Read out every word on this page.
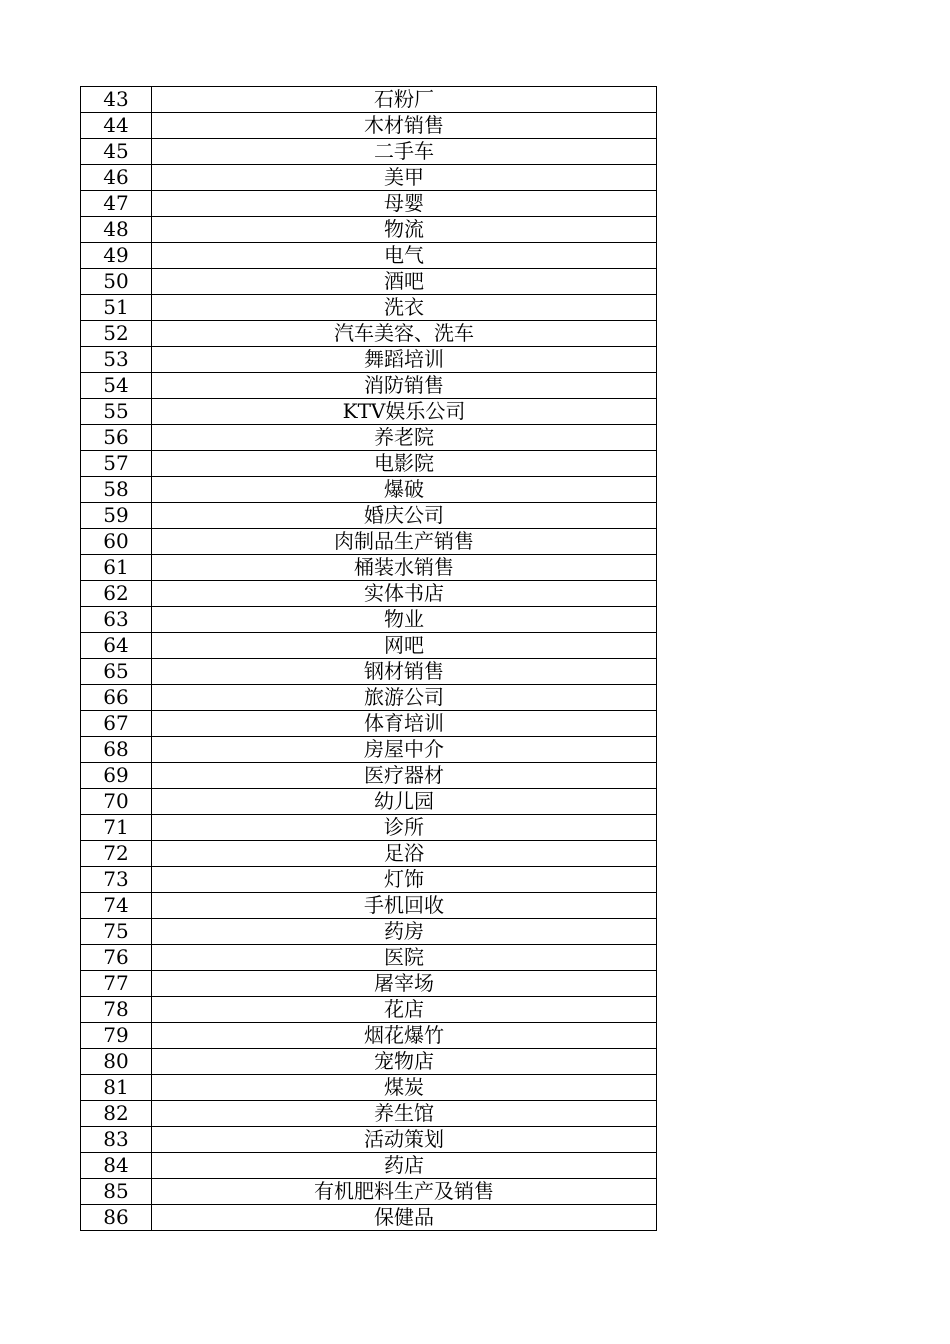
43	石粉厂
44	木材销售
45	二手车
46	美甲
47	母婴
48	物流
49	电气
50	酒吧
51	洗衣
52	汽车美容、洗车
53	舞蹈培训
54	消防销售
55	KTV娱乐公司
56	养老院
57	电影院
58	爆破
59	婚庆公司
60	肉制品生产销售
61	桶装水销售
62	实体书店
63	物业
64	网吧
65	钢材销售
66	旅游公司
67	体育培训
68	房屋中介
69	医疗器材
70	幼儿园
71	诊所
72	足浴
73	灯饰
74	手机回收
75	药房
76	医院
77	屠宰场
78	花店
79	烟花爆竹
80	宠物店
81	煤炭
82	养生馆
83	活动策划
84	药店
85	有机肥料生产及销售
86	保健品
